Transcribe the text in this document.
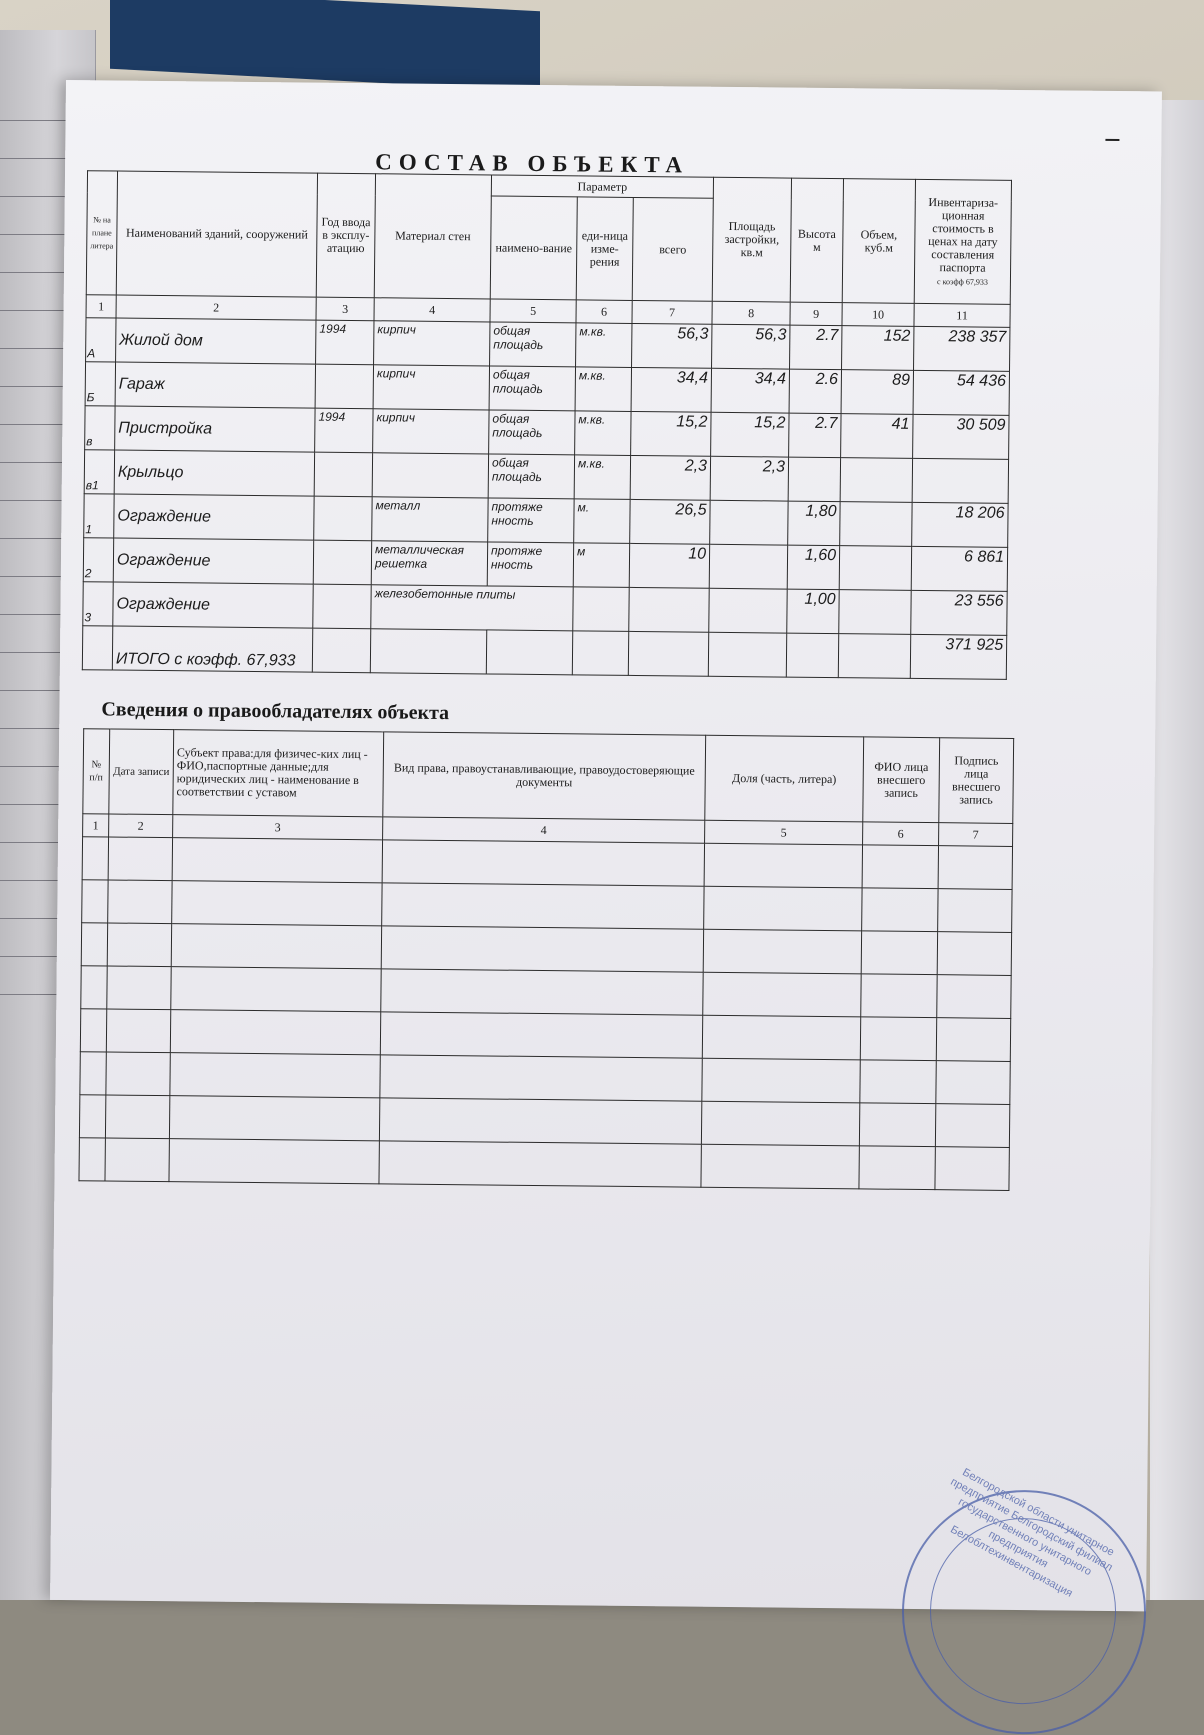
СОСТАВ ОБЪЕКТА
№ на плане литера	Наименований зданий, сооружений	Год ввода в эксплу-атацию	Материал стен	Параметр			Площадь застройки, кв.м	Высота м	Объем, куб.м	Инвентариза-ционная стоимость в ценах на дату составления паспорта
с коэфф 67,933
				наимено-вание	еди-ница изме-рения	всего				
1	2	3	4	5	6	7	8	9	10	11
А	Жилой дом	1994	кирпич	общая площадь	м.кв.	56,3	56,3	2.7	152	238 357
Б	Гараж		кирпич	общая площадь	м.кв.	34,4	34,4	2.6	89	54 436
в	Пристройка	1994	кирпич	общая площадь	м.кв.	15,2	15,2	2.7	41	30 509
в1	Крыльцо			общая площадь	м.кв.	2,3	2,3			
1	Ограждение		металл	протяже нность	м.	26,5		1,80		18 206
2	Ограждение		металлическая решетка	протяже нность	м	10		1,60		6 861
3	Ограждение		железобетонные плиты					1,00		23 556
	ИТОГО с коэфф. 67,933									371 925
Сведения о правообладателях объекта
№ п/п	Дата записи	Субъект права:для физичес-ких лиц - ФИО,паспортные данные;для юридических лиц - наименование в соответствии с уставом	Вид права, правоустанавливающие, правоудостоверяющие документы	Доля (часть, литера)	ФИО лица внесшего запись	Подпись лица внесшего запись
1	2	3	4	5	6	7

Белгородской области унитарное предприятие Белгородский филиал государственного унитарного предприятия Белоблтехинвентаризация
